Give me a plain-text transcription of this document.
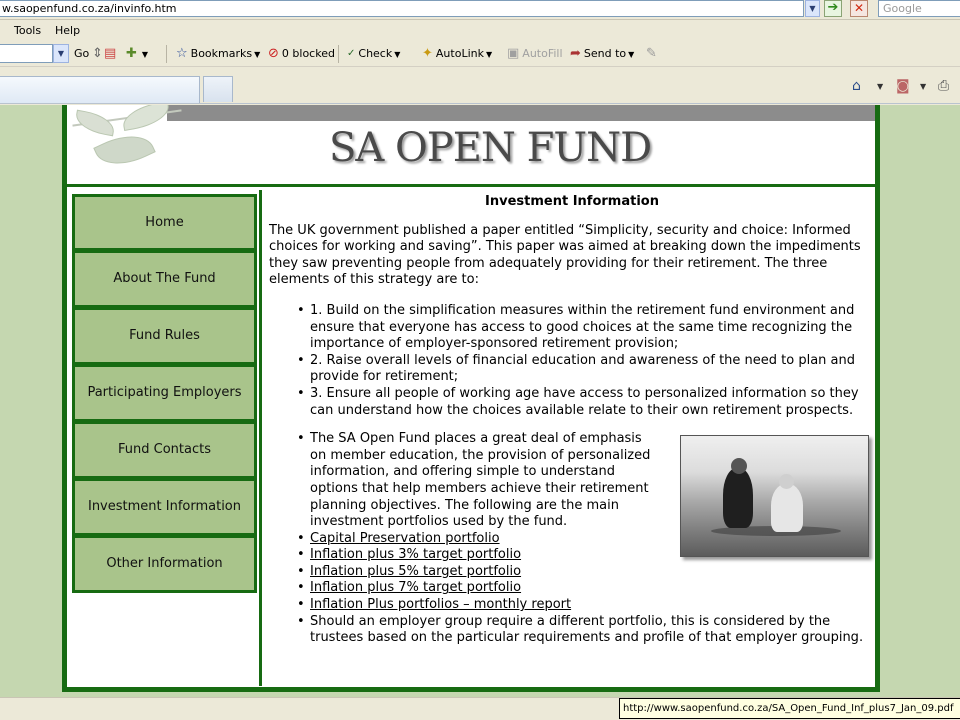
w.saopenfund.co.za/invinfo.htm	▼ ➔	✕	Google
Tools Help
▼ Go ⇕ ▤ ✚ ▼ ☆ Bookmarks ▼ ⊘ 0 blocked ✓ Check ▼ ✦ AutoLink ▼ ▣ AutoFill ➦ Send to ▼ ✎
⌂ ▼ ◙ ▼ ⎙
SA OPEN FUND
Home
About The Fund
Fund Rules
Participating Employers
Fund Contacts
Investment Information
Other Information
Investment Information

The UK government published a paper entitled “Simplicity, security and choice: Informed choices for working and saving”. This paper was aimed at breaking down the impediments they saw preventing people from adequately providing for their retirement. The three elements of this strategy are to:

• 1. Build on the simplification measures within the retirement fund environment and ensure that everyone has access to good choices at the same time recognizing the importance of employer-sponsored retirement provision;
• 2. Raise overall levels of financial education and awareness of the need to plan and provide for retirement;
• 3. Ensure all people of working age have access to personalized information so they can understand how the choices available relate to their own retirement prospects.
• The SA Open Fund places a great deal of emphasis on member education, the provision of personalized information, and offering simple to understand options that help members achieve their retirement planning objectives. The following are the main investment portfolios used by the fund.
• Capital Preservation portfolio
• Inflation plus 3% target portfolio
• Inflation plus 5% target portfolio
• Inflation plus 7% target portfolio
• Inflation Plus portfolios – monthly report
• Should an employer group require a different portfolio, this is considered by the trustees based on the particular requirements and profile of that employer grouping.
http://www.saopenfund.co.za/SA_Open_Fund_Inf_plus7_Jan_09.pdf
